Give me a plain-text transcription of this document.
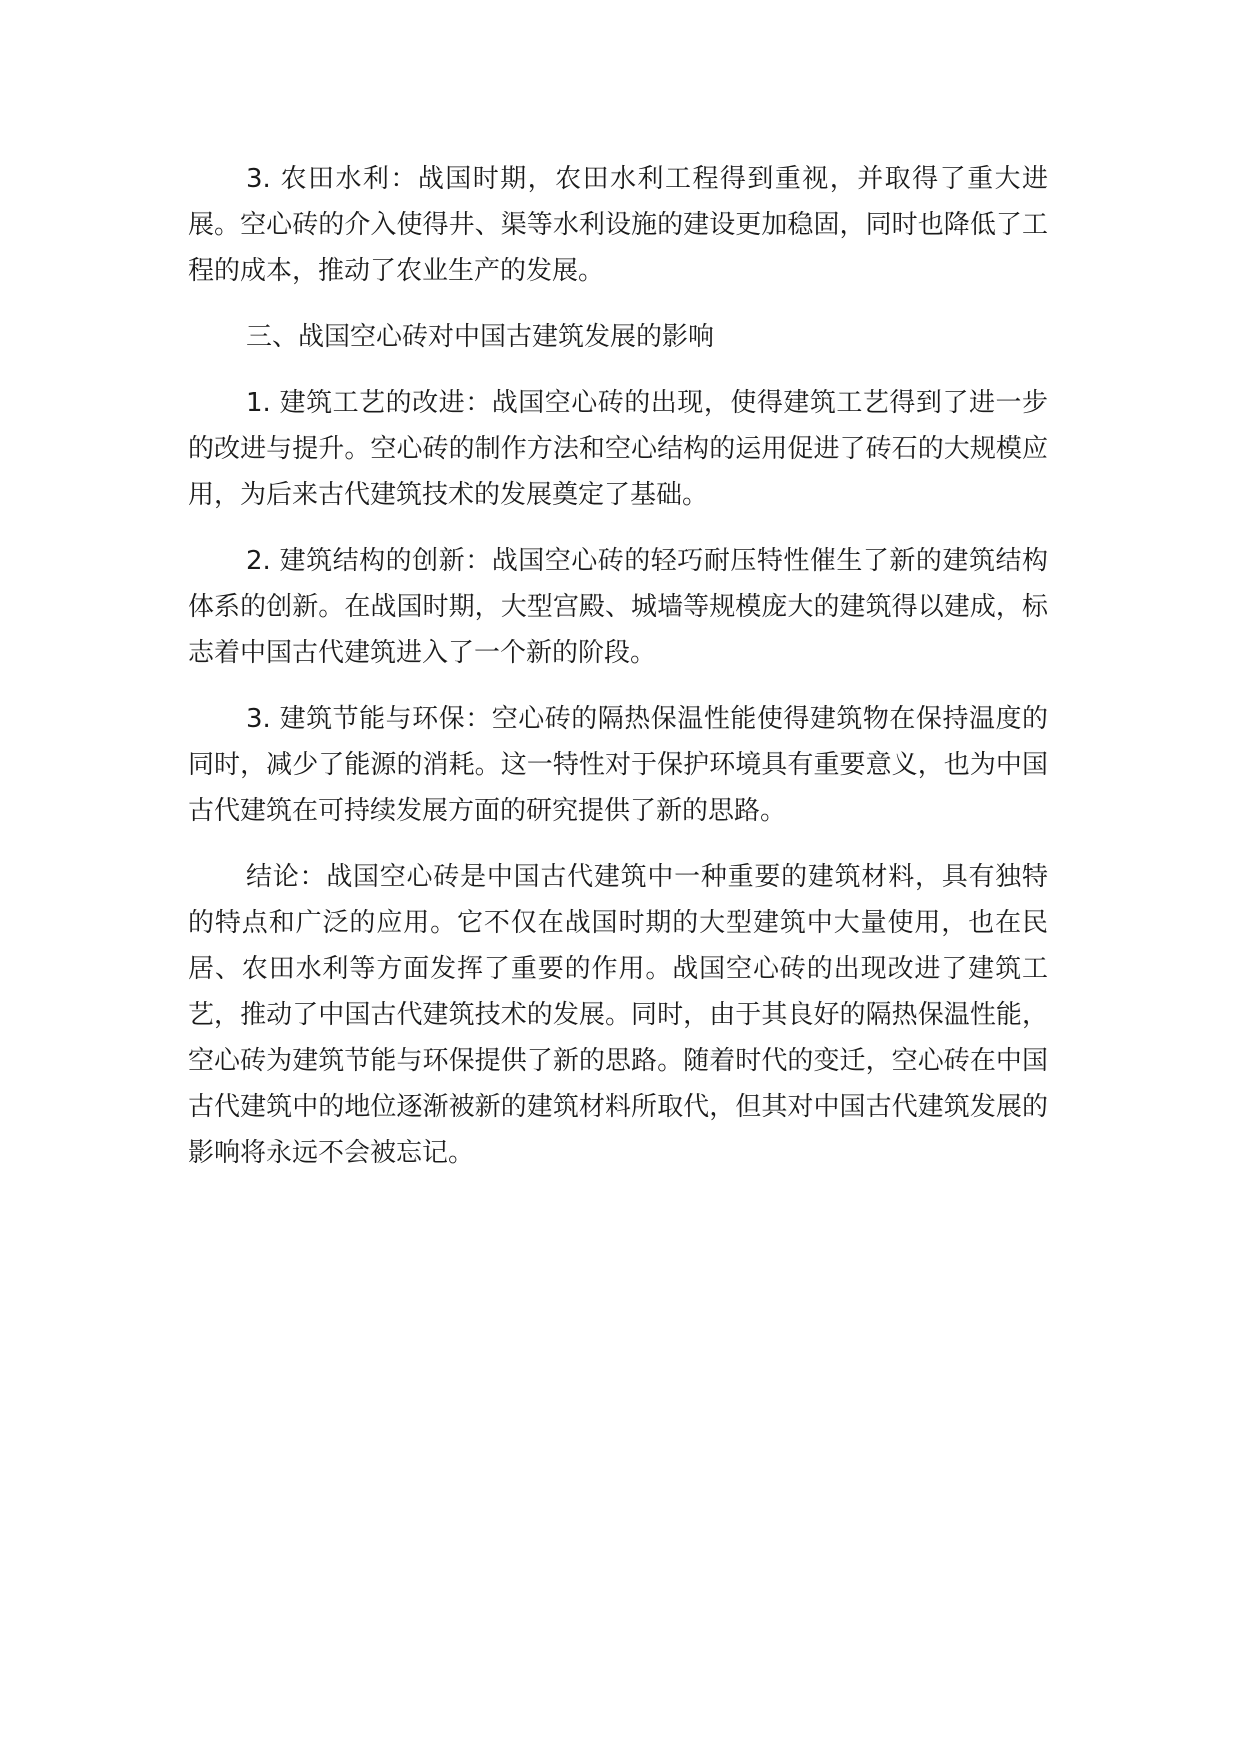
3. 农田水利：战国时期，农田水利工程得到重视，并取得了重大进展。空心砖的介入使得井、渠等水利设施的建设更加稳固，同时也降低了工程的成本，推动了农业生产的发展。

三、战国空心砖对中国古建筑发展的影响

1. 建筑工艺的改进：战国空心砖的出现，使得建筑工艺得到了进一步的改进与提升。空心砖的制作方法和空心结构的运用促进了砖石的大规模应用，为后来古代建筑技术的发展奠定了基础。

2. 建筑结构的创新：战国空心砖的轻巧耐压特性催生了新的建筑结构体系的创新。在战国时期，大型宫殿、城墙等规模庞大的建筑得以建成，标志着中国古代建筑进入了一个新的阶段。

3. 建筑节能与环保：空心砖的隔热保温性能使得建筑物在保持温度的同时，减少了能源的消耗。这一特性对于保护环境具有重要意义，也为中国古代建筑在可持续发展方面的研究提供了新的思路。

结论：战国空心砖是中国古代建筑中一种重要的建筑材料，具有独特的特点和广泛的应用。它不仅在战国时期的大型建筑中大量使用，也在民居、农田水利等方面发挥了重要的作用。战国空心砖的出现改进了建筑工艺，推动了中国古代建筑技术的发展。同时，由于其良好的隔热保温性能，空心砖为建筑节能与环保提供了新的思路。随着时代的变迁，空心砖在中国古代建筑中的地位逐渐被新的建筑材料所取代，但其对中国古代建筑发展的影响将永远不会被忘记。
